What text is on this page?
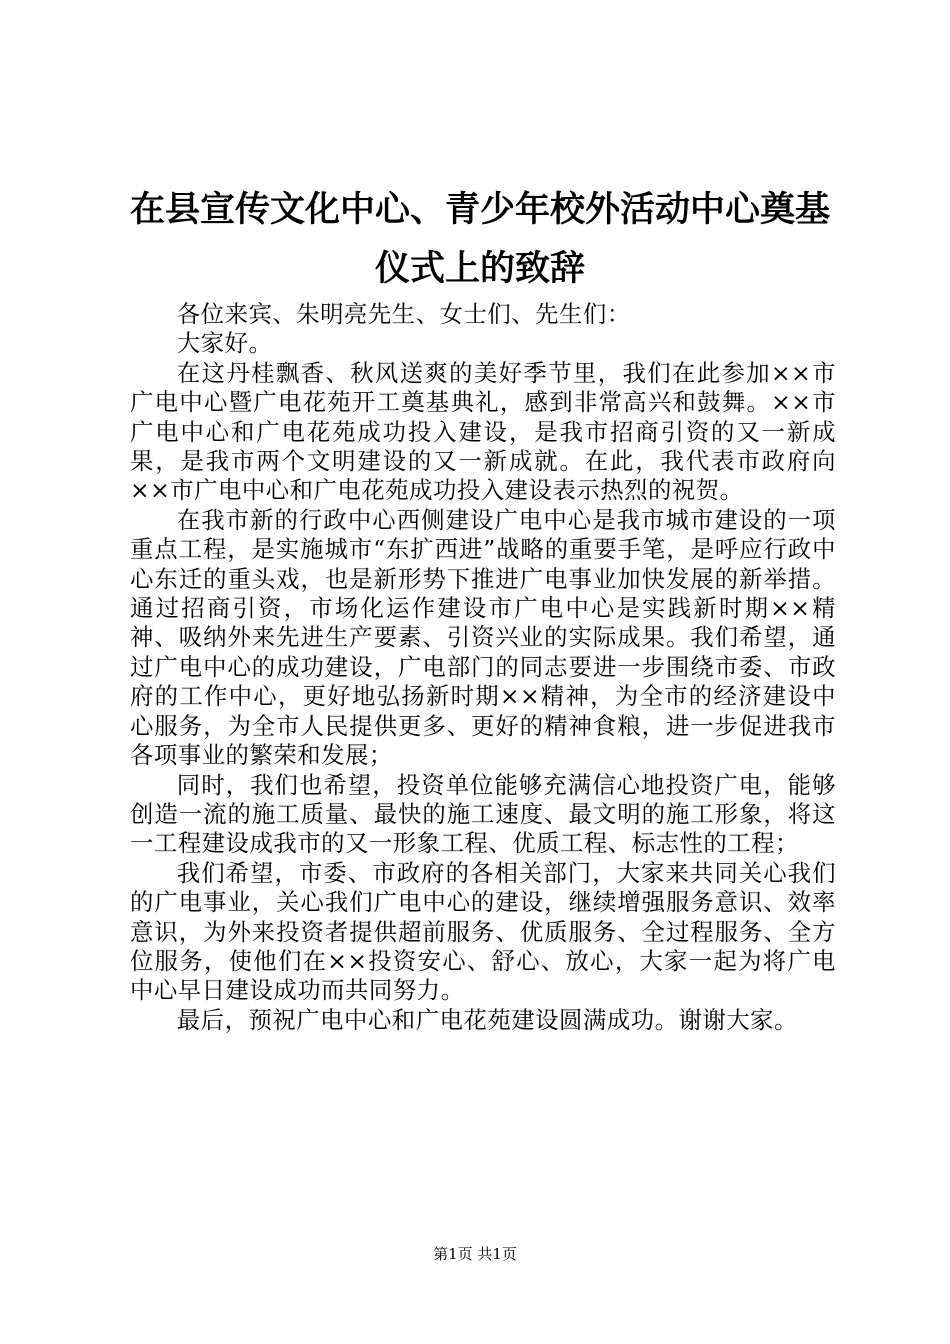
在县宣传文化中心、青少年校外活动中心奠基
仪式上的致辞

各位来宾、朱明亮先生、女士们、先生们：

大家好。

在这丹桂飘香、秋风送爽的美好季节里，我们在此参加××市广电中心暨广电花苑开工奠基典礼，感到非常高兴和鼓舞。××市广电中心和广电花苑成功投入建设，是我市招商引资的又一新成果，是我市两个文明建设的又一新成就。在此，我代表市政府向××市广电中心和广电花苑成功投入建设表示热烈的祝贺。

在我市新的行政中心西侧建设广电中心是我市城市建设的一项重点工程，是实施城市“东扩西进”战略的重要手笔，是呼应行政中心东迁的重头戏，也是新形势下推进广电事业加快发展的新举措。通过招商引资，市场化运作建设市广电中心是实践新时期××精神、吸纳外来先进生产要素、引资兴业的实际成果。我们希望，通过广电中心的成功建设，广电部门的同志要进一步围绕市委、市政府的工作中心，更好地弘扬新时期××精神，为全市的经济建设中心服务，为全市人民提供更多、更好的精神食粮，进一步促进我市各项事业的繁荣和发展；

同时，我们也希望，投资单位能够充满信心地投资广电，能够创造一流的施工质量、最快的施工速度、最文明的施工形象，将这一工程建设成我市的又一形象工程、优质工程、标志性的工程；

我们希望，市委、市政府的各相关部门，大家来共同关心我们的广电事业，关心我们广电中心的建设，继续增强服务意识、效率意识，为外来投资者提供超前服务、优质服务、全过程服务、全方位服务，使他们在××投资安心、舒心、放心，大家一起为将广电中心早日建设成功而共同努力。

最后，预祝广电中心和广电花苑建设圆满成功。谢谢大家。

第1页 共1页
